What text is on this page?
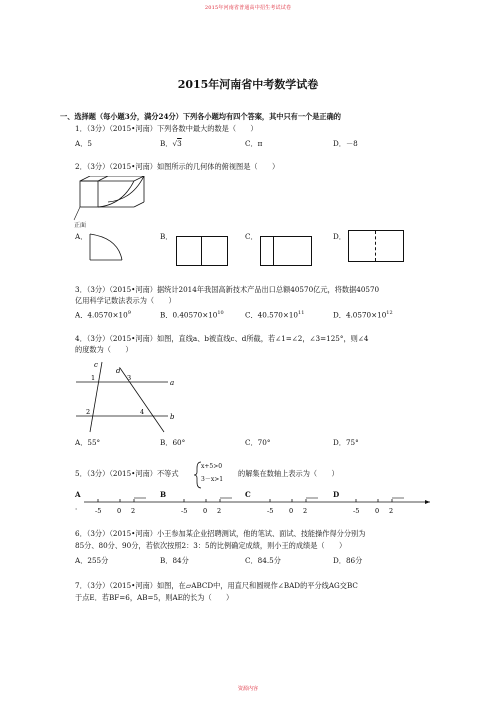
2015年河南省普通高中招生考试试卷
2015年河南省中考数学试卷
一、选择题（每小题3分，满分24分）下列各小题均有四个答案，其中只有一个是正确的
1．（3分）（2015•河南）下列各数中最大的数是（　　）
A．5	B．√3	C．π	D．－8
2．（3分）（2015•河南）如图所示的几何体的俯视图是（　　）
正面
A．	B．	C．	D．
3．（3分）（2015•河南）据统计2014年我国高新技术产品出口总额40570亿元，将数据40570
亿用科学记数法表示为（　　）
A．$4.0570\times 10^9$	B．$0.40570\times 10^{10}$	C．$40.570\times 10^{11}$	D．$4.0570\times 10^{12}$
4．（3分）（2015•河南）如图，直线a、b被直线c、d所截，若∠1=∠2，∠3=125°，则∠4
的度数为（　　）
c
d
a
b
1
2
3
4
A．55°	B．60°	C．70°	D．75°
5．（3分）（2015•河南）不等式
x+5>0
3－x>1
的解集在数轴上表示为（　　）
A
．
B	C	D
-5 0 2	-5 0 2	-5 0 2	-5 0 2
6．（3分）（2015•河南）小王参加某企业招聘测试，他的笔试、面试、技能操作得分分别为
85分、80分、90分，若依次按照2：3：5的比例确定成绩，则小王的成绩是（　　）
A．255分	B．84分	C．84.5分	D．86分
7．（3分）（2015•河南）如图，在▱ABCD中，用直尺和圆规作∠BAD的平分线AG交BC
于点E．若BF=6，AB=5，则AE的长为（　　）
资源内容
